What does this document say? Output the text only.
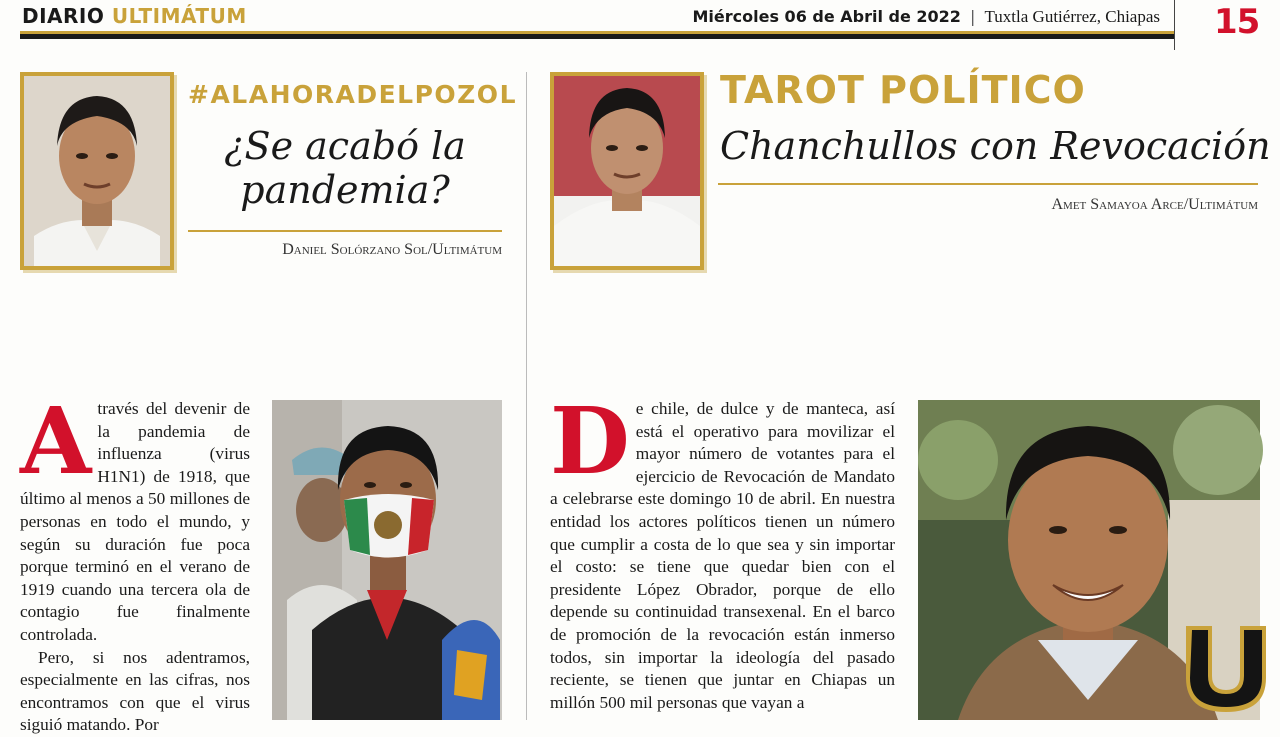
DIARIO ULTIMÁTUM	Miércoles 06 de Abril de 2022 | Tuxtla Gutiérrez, Chiapas 15
#ALAHORADELPOZOL
¿Se acabó la
pandemia?
Daniel Solórzano Sol/Ultimátum

Através del devenir de la pandemia de influenza (virus H1N1) de 1918, que último al menos a 50 millones de personas en todo el mundo, y según su duración fue poca porque terminó en el verano de 1919 cuando una tercera ola de contagio fue finalmente controlada.

Pero, si nos adentramos, especialmente en las cifras, nos encontramos con que el virus siguió matando. Por

TAROT POLÍTICO
Chanchullos con Revocación
Amet Samayoa Arce/Ultimátum

De chile, de dulce y de manteca, así está el operativo para movilizar el mayor número de votantes para el ejercicio de Revocación de Mandato a celebrarse este domingo 10 de abril. En nuestra entidad los actores políticos tienen un número que cumplir a costa de lo que sea y sin importar el costo: se tiene que quedar bien con el presidente López Obrador, porque de ello depende su continuidad transexenal. En el barco de promoción de la revocación están inmerso todos, sin importar la ideología del pasado reciente, se tienen que juntar en Chiapas un millón 500 mil personas que vayan a
